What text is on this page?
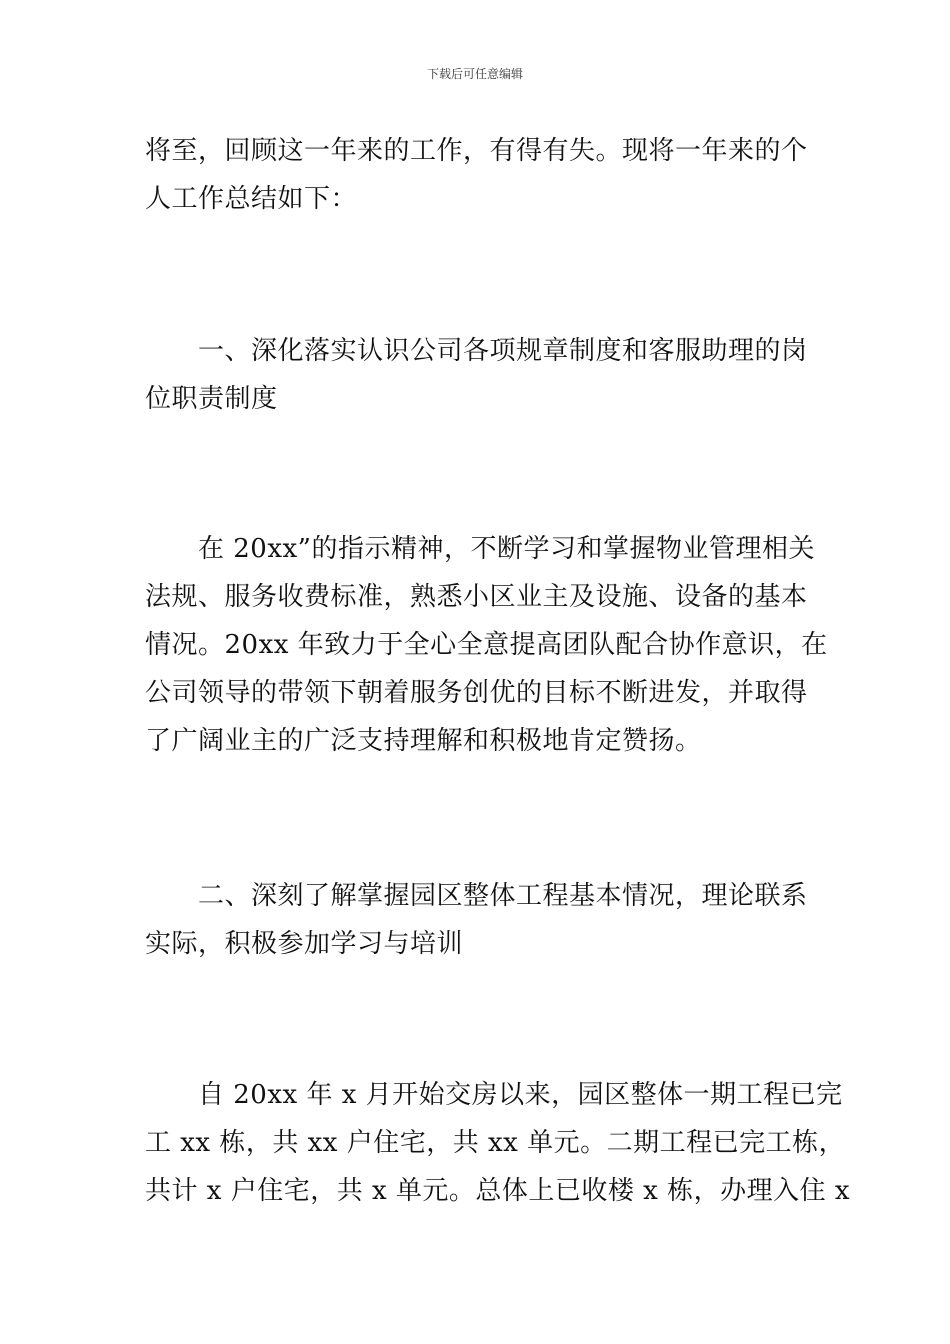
下载后可任意编辑

将至，回顾这一年来的工作，有得有失。现将一年来的个
人工作总结如下：

　　一、深化落实认识公司各项规章制度和客服助理的岗
位职责制度

　　在 20xx”的指示精神，不断学习和掌握物业管理相关
法规、服务收费标准，熟悉小区业主及设施、设备的基本
情况。20xx 年致力于全心全意提高团队配合协作意识，在
公司领导的带领下朝着服务创优的目标不断进发，并取得
了广阔业主的广泛支持理解和积极地肯定赞扬。

　　二、深刻了解掌握园区整体工程基本情况，理论联系
实际，积极参加学习与培训

　　自 20xx 年 x 月开始交房以来，园区整体一期工程已完
工 xx 栋，共 xx 户住宅，共 xx 单元。二期工程已完工栋，
共计 x 户住宅，共 x 单元。总体上已收楼 x 栋，办理入住 x
